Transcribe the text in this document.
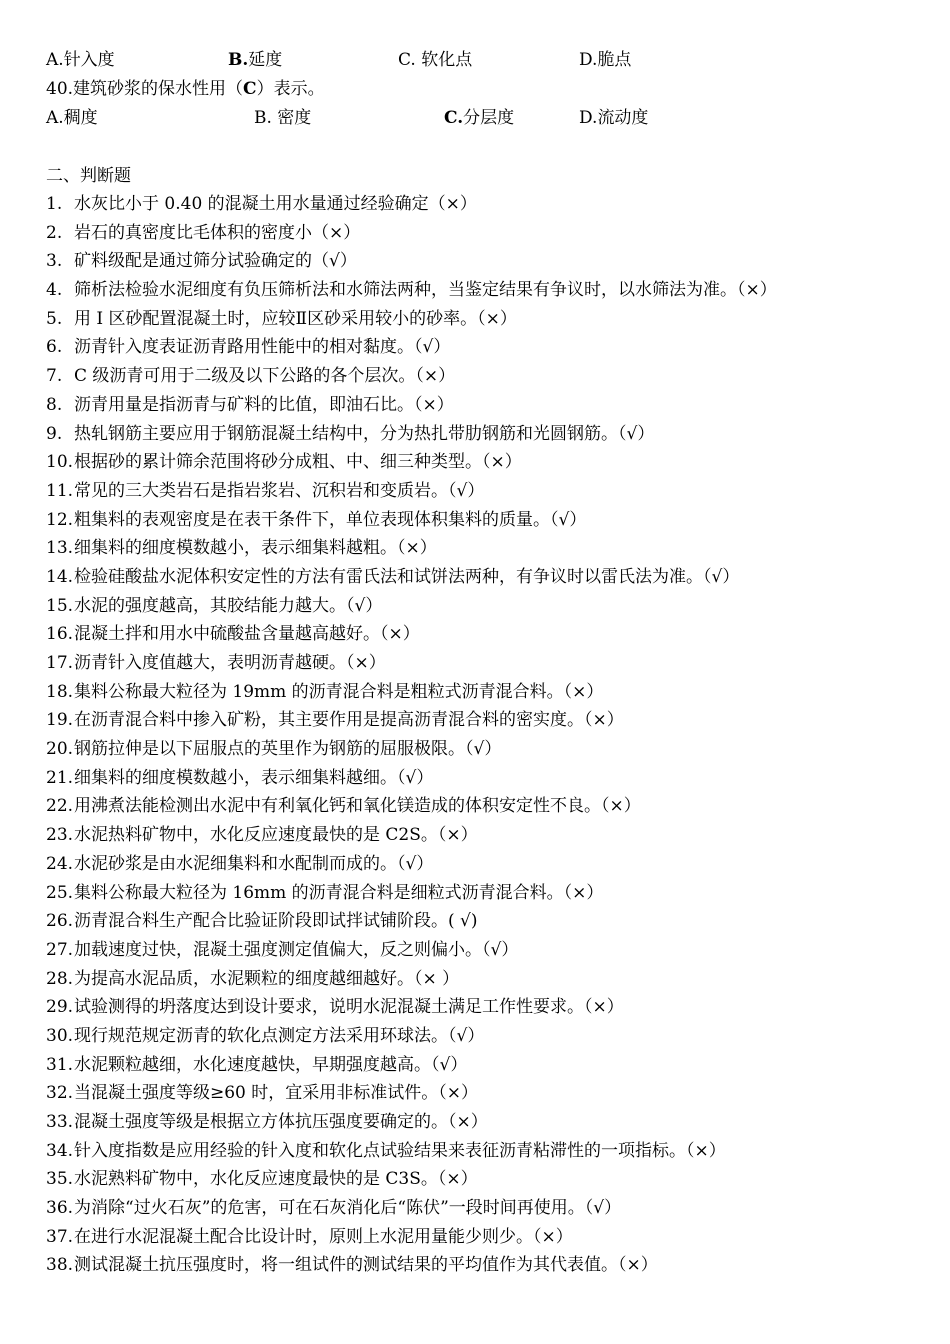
A.针入度	B.延度	C. 软化点	D.脆点
40.建筑砂浆的保水性用（C）表示。
A.稠度	B. 密度	C.分层度	D.流动度
二、判断题
1. 水灰比小于 0.40 的混凝土用水量通过经验确定（×）
2. 岩石的真密度比毛体积的密度小（×）
3. 矿料级配是通过筛分试验确定的（√）
4. 筛析法检验水泥细度有负压筛析法和水筛法两种，当鉴定结果有争议时，以水筛法为准。（×）
5. 用 I 区砂配置混凝土时，应较Ⅱ区砂采用较小的砂率。（×）
6. 沥青针入度表证沥青路用性能中的相对黏度。（√）
7. C 级沥青可用于二级及以下公路的各个层次。（×）
8. 沥青用量是指沥青与矿料的比值，即油石比。（×）
9. 热轧钢筋主要应用于钢筋混凝土结构中，分为热扎带肋钢筋和光圆钢筋。（√）
10.根据砂的累计筛余范围将砂分成粗、中、细三种类型。（×）
11.常见的三大类岩石是指岩浆岩、沉积岩和变质岩。（√）
12.粗集料的表观密度是在表干条件下，单位表现体积集料的质量。（√）
13.细集料的细度模数越小，表示细集料越粗。（×）
14.检验硅酸盐水泥体积安定性的方法有雷氏法和试饼法两种，有争议时以雷氏法为准。（√）
15.水泥的强度越高，其胶结能力越大。（√）
16.混凝土拌和用水中硫酸盐含量越高越好。（×）
17.沥青针入度值越大，表明沥青越硬。（×）
18.集料公称最大粒径为 19mm 的沥青混合料是粗粒式沥青混合料。（×）
19.在沥青混合料中掺入矿粉，其主要作用是提高沥青混合料的密实度。（×）
20.钢筋拉伸是以下屈服点的英里作为钢筋的屈服极限。（√）
21.细集料的细度模数越小，表示细集料越细。（√）
22.用沸煮法能检测出水泥中有利氧化钙和氧化镁造成的体积安定性不良。（×）
23.水泥热料矿物中，水化反应速度最快的是 C2S。（×）
24.水泥砂浆是由水泥细集料和水配制而成的。（√）
25.集料公称最大粒径为 16mm 的沥青混合料是细粒式沥青混合料。（×）
26.沥青混合料生产配合比验证阶段即试拌试铺阶段。( √)
27.加载速度过快，混凝土强度测定值偏大，反之则偏小。（√）
28.为提高水泥品质，水泥颗粒的细度越细越好。（× ）
29.试验测得的坍落度达到设计要求，说明水泥混凝土满足工作性要求。（×）
30.现行规范规定沥青的软化点测定方法采用环球法。（√）
31.水泥颗粒越细，水化速度越快，早期强度越高。（√）
32.当混凝土强度等级≥60 时，宜采用非标准试件。（×）
33.混凝土强度等级是根据立方体抗压强度要确定的。（×）
34.针入度指数是应用经验的针入度和软化点试验结果来表征沥青粘滞性的一项指标。（×）
35.水泥熟料矿物中，水化反应速度最快的是 C3S。（×）
36.为消除“过火石灰”的危害，可在石灰消化后“陈伏”一段时间再使用。（√）
37.在进行水泥混凝土配合比设计时，原则上水泥用量能少则少。（×）
38.测试混凝土抗压强度时，将一组试件的测试结果的平均值作为其代表值。（×）
